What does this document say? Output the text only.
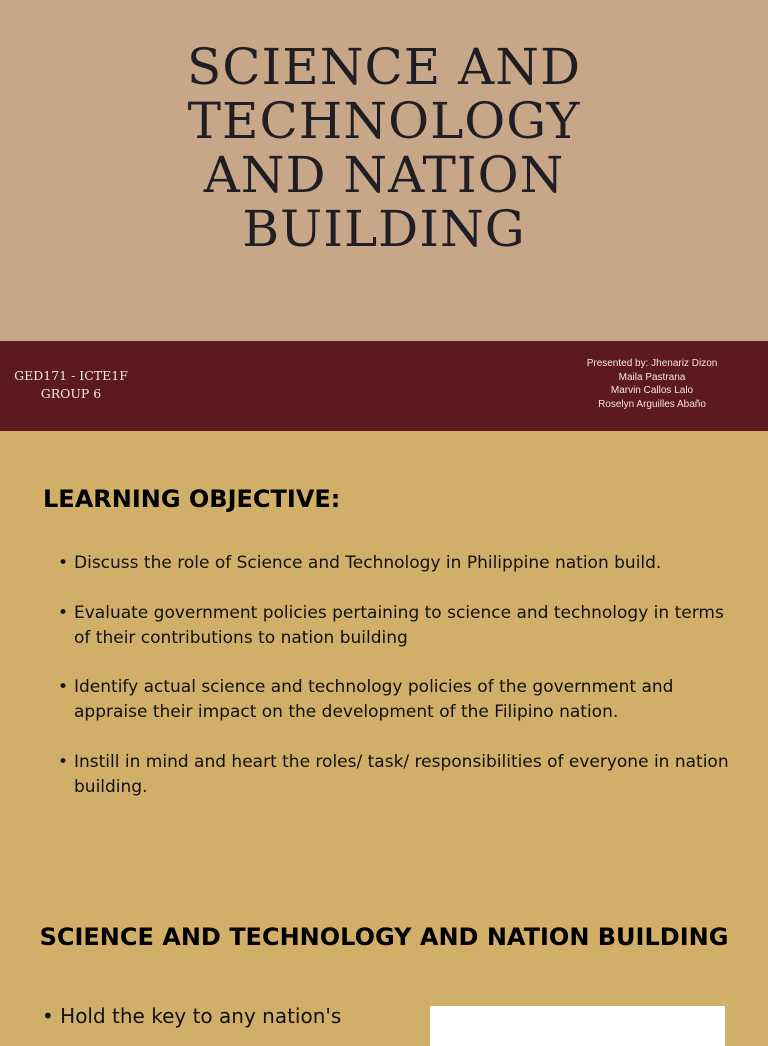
SCIENCE AND
TECHNOLOGY
AND NATION
BUILDING
GED171 - ICTE1F
GROUP 6
Presented by: Jhenariz Dizon
Maila Pastrana
Marvin Callos Lalo
Roselyn Arguilles Abaño
LEARNING OBJECTIVE:
• Discuss the role of Science and Technology in Philippine nation build.
• Evaluate government policies pertaining to science and technology in terms of their contributions to nation building
• Identify actual science and technology policies of the government and appraise their impact on the development of the Filipino nation.
• Instill in mind and heart the roles/ task/ responsibilities of everyone in nation building.
SCIENCE AND TECHNOLOGY AND NATION BUILDING

• Hold the key to any nation's
